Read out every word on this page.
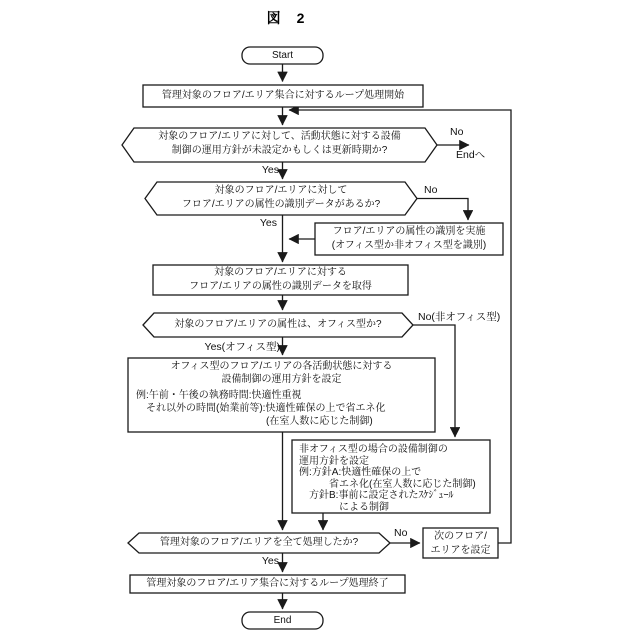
図　2
Start
管理対象のフロア/エリア集合に対するループ処理開始
対象のフロア/エリアに対して、活動状態に対する設備
制御の運用方針が未設定かもしくは更新時期か?
対象のフロア/エリアに対して
フロア/エリアの属性の識別データがあるか?
フロア/エリアの属性の識別を実施
(オフィス型か非オフィス型を識別)
対象のフロア/エリアに対する
フロア/エリアの属性の識別データを取得
対象のフロア/エリアの属性は、オフィス型か?
オフィス型のフロア/エリアの各活動状態に対する
設備制御の運用方針を設定
例:午前・午後の執務時間:快適性重視
　それ以外の時間(始業前等):快適性確保の上で省エネ化
　　　　　　　　　　　　　(在室人数に応じた制御)
非オフィス型の場合の設備制御の
運用方針を設定
例:方針A:快適性確保の上で
　　　省エネ化(在室人数に応じた制御)
　方針B:事前に設定されたｽｹｼﾞｭｰﾙ
　　　　による制御
管理対象のフロア/エリアを全て処理したか?
次のフロア/
エリアを設定
管理対象のフロア/エリア集合に対するループ処理終了
End
No
Endへ
Yes
No
Yes
No(非オフィス型)
Yes(オフィス型)
No
Yes
